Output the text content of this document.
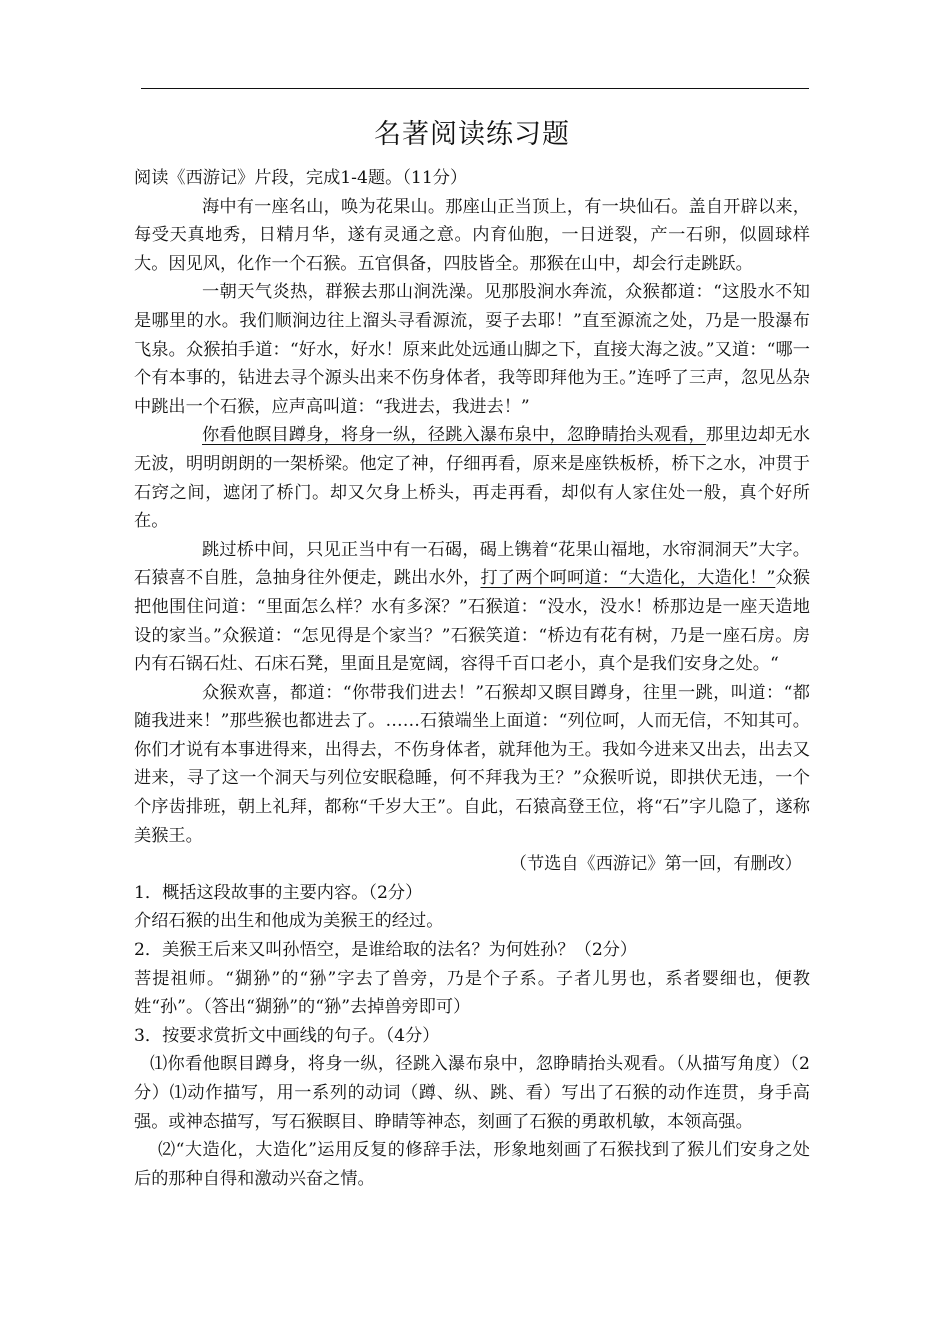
名著阅读练习题

阅读《西游记》片段，完成1-4题。（11分）

海中有一座名山，唤为花果山。那座山正当顶上，有一块仙石。盖自开辟以来，每受天真地秀，日精月华，遂有灵通之意。内育仙胞，一日迸裂，产一石卵，似圆球样大。因见风，化作一个石猴。五官俱备，四肢皆全。那猴在山中，却会行走跳跃。

一朝天气炎热，群猴去那山涧洗澡。见那股涧水奔流，众猴都道：“这股水不知是哪里的水。我们顺涧边往上溜头寻看源流，耍子去耶！”直至源流之处，乃是一股瀑布飞泉。众猴拍手道：“好水，好水！原来此处远通山脚之下，直接大海之波。”又道：“哪一个有本事的，钻进去寻个源头出来不伤身体者，我等即拜他为王。”连呼了三声，忽见丛杂中跳出一个石猴，应声高叫道：“我进去，我进去！”

你看他瞑目蹲身，将身一纵，径跳入瀑布泉中，忽睁睛抬头观看，那里边却无水无波，明明朗朗的一架桥梁。他定了神，仔细再看，原来是座铁板桥，桥下之水，冲贯于石窍之间，遮闭了桥门。却又欠身上桥头，再走再看，却似有人家住处一般，真个好所在。

跳过桥中间，只见正当中有一石碣，碣上镌着“花果山福地，水帘洞洞天”大字。石猿喜不自胜，急抽身往外便走，跳出水外，打了两个呵呵道：“大造化，大造化！”众猴把他围住问道：“里面怎么样？水有多深？”石猴道：“没水，没水！桥那边是一座天造地设的家当。”众猴道：“怎见得是个家当？”石猴笑道：“桥边有花有树，乃是一座石房。房内有石锅石灶、石床石凳，里面且是宽阔，容得千百口老小，真个是我们安身之处。“

众猴欢喜，都道：“你带我们进去！”石猴却又瞑目蹲身，往里一跳，叫道：“都随我进来！”那些猴也都进去了。……石猿端坐上面道：“列位呵，人而无信，不知其可。你们才说有本事进得来，出得去，不伤身体者，就拜他为王。我如今进来又出去，出去又进来，寻了这一个洞天与列位安眠稳睡，何不拜我为王？”众猴听说，即拱伏无违，一个个序齿排班，朝上礼拜，都称“千岁大王”。自此，石猿高登王位，将“石”字儿隐了，遂称美猴王。

（节选自《西游记》第一回，有删改）

1．概括这段故事的主要内容。（2分）

介绍石猴的出生和他成为美猴王的经过。

2．美猴王后来又叫孙悟空，是谁给取的法名？为何姓孙？（2分）

菩提祖师。“猢狲”的“狲”字去了兽旁，乃是个子系。子者儿男也，系者婴细也，便教姓“孙”。（答出“猢狲”的“狲”去掉兽旁即可）

3．按要求赏折文中画线的句子。（4分）

⑴你看他瞑目蹲身，将身一纵，径跳入瀑布泉中，忽睁睛抬头观看。（从描写角度）（2分）⑴动作描写，用一系列的动词（蹲、纵、跳、看）写出了石猴的动作连贯，身手高强。或神态描写，写石猴瞑目、睁睛等神态，刻画了石猴的勇敢机敏，本领高强。

⑵“大造化，大造化”运用反复的修辞手法，形象地刻画了石猴找到了猴儿们安身之处后的那种自得和激动兴奋之情。
